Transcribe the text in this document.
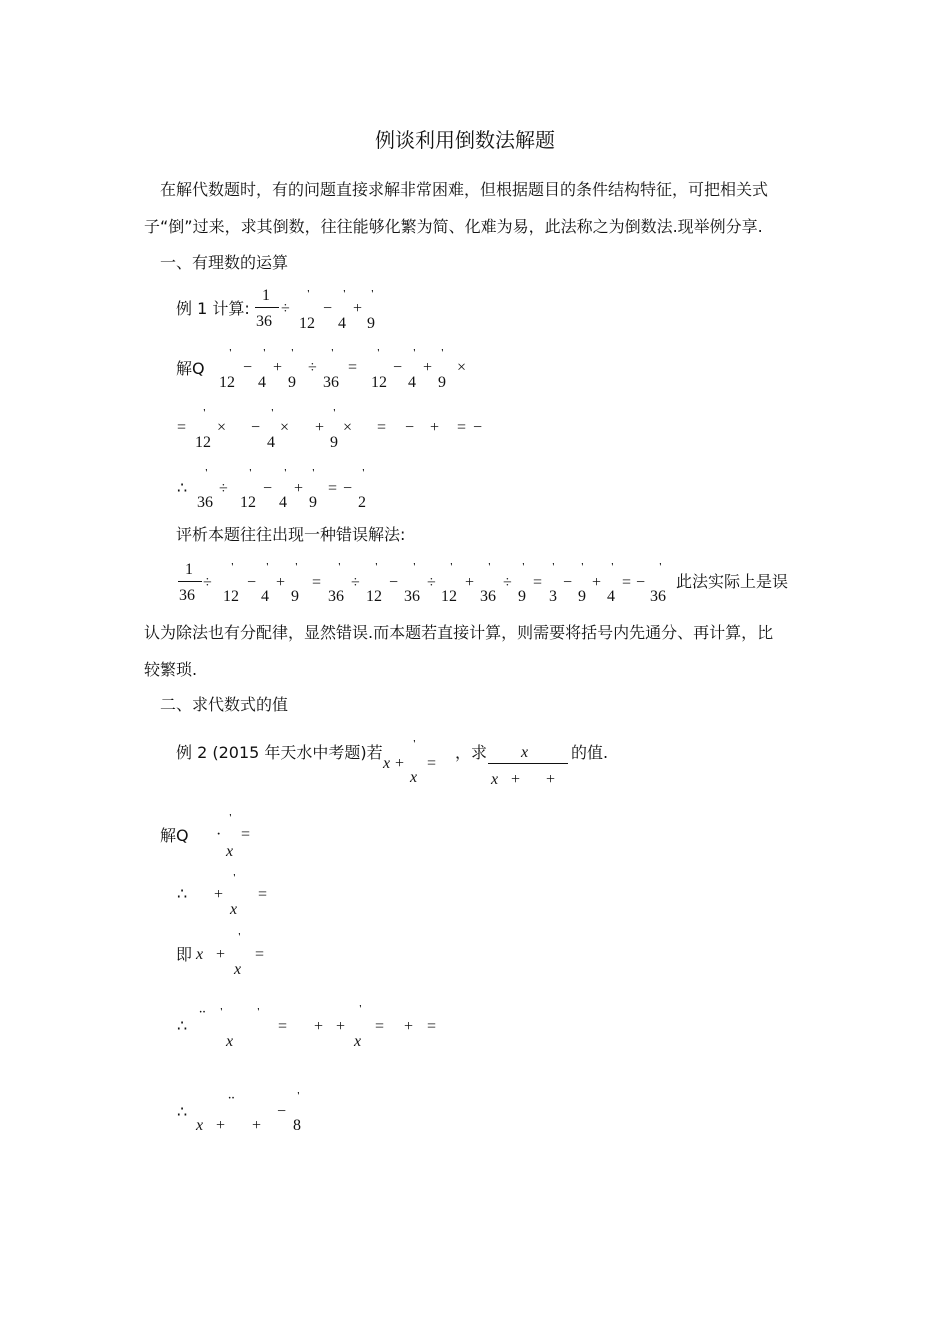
例谈利用倒数法解题
在解代数题时，有的问题直接求解非常困难，但根据题目的条件结构特征，可把相关式
子“倒”过来，求其倒数，往往能够化繁为简、化难为易，此法称之为倒数法.现举例分享.
一、有理数的运算
例 1 计算:
1
36
÷
'
12
−
'
4
+
'
9
解Q
'
12
−
'
4
+
'
9
÷
'
36
=
'
12
−
'
4
+
'
9
×
=
'
12
× −
'
4
× +
'
9
× = − + = −
∴
'
36
÷
'
12
−
'
4
+
'
9
= −
'
2
评析本题往往出现一种错误解法:
1
36
÷
'
12
−
'
4
+
'
9
=
'
36
÷
'
12
−
'
36
÷
'
12
+
'
36
÷
'
9
=
'
3
−
'
9
+
'
4
= −
'
36
此法实际上是误
认为除法也有分配律，显然错误.而本题若直接计算，则需要将括号内先通分、再计算，比
较繁琐.
二、求代数式的值
例 2 (2015 年天水中考题)若
x +
'
x
=
，求 x
x + +
的值.
解Q ·
'
x
=
∴ +
'
x
=
即 x +
'
x
=
∴
·· '	'
x
= + +
'
x
= + =
∴
··
x + +
−
'
8
